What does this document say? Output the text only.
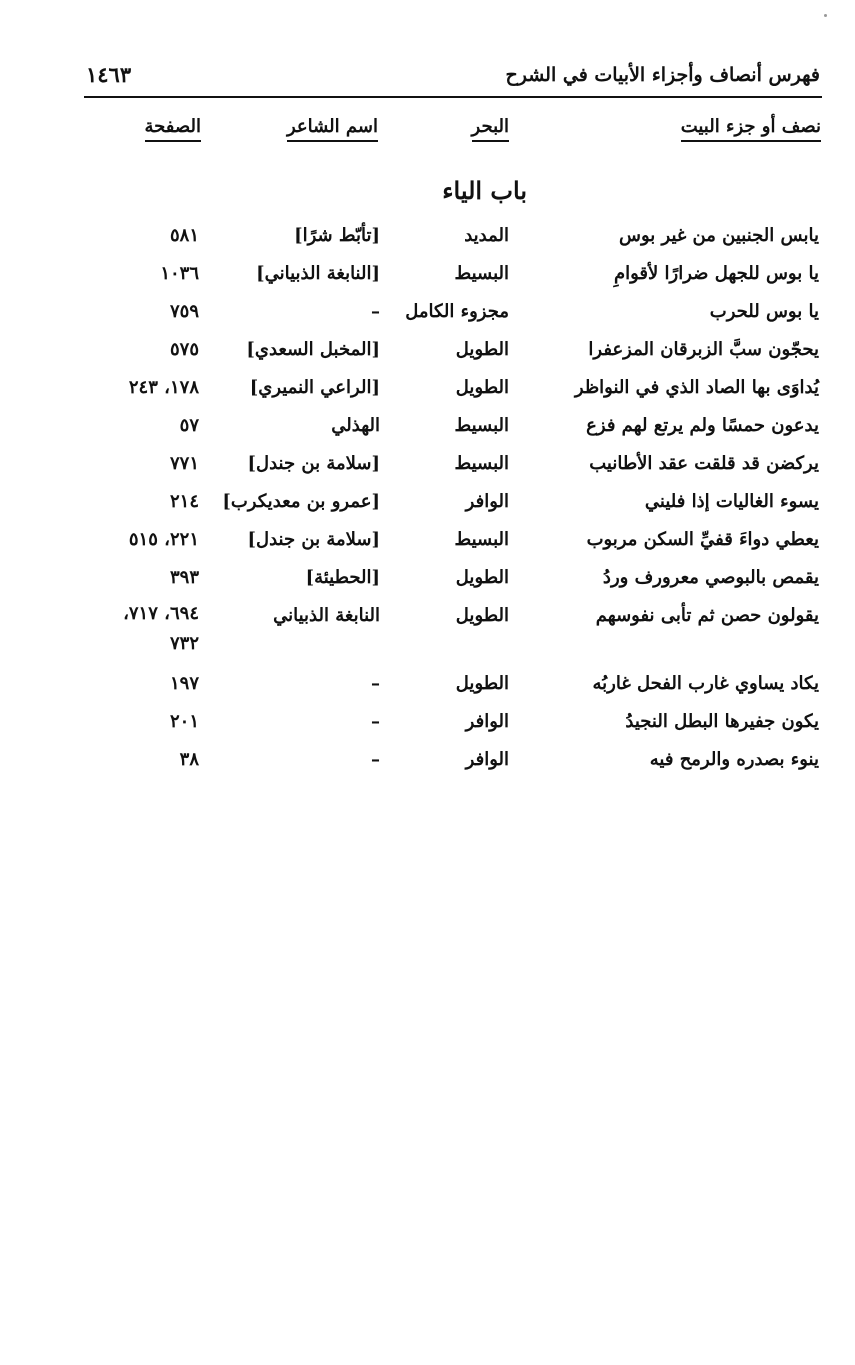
فهرس أنصاف وأجزاء الأبيات في الشرح
١٤٦٣
نصف أو جزء البيت
البحر
اسم الشاعر
الصفحة
باب الياء
يابس الجنبين من غير بوس
المديد
[تأبّط شرًا]
٥٨١
يا بوس للجهل ضرارًا لأقوامِ
البسيط
[النابغة الذبياني]
١٠٣٦
يا بوس للحرب
مجزوء الكامل
–
٧٥٩
يحجّون سبَّ الزبرقان المزعفرا
الطويل
[المخبل السعدي]
٥٧٥
يُداوَى بها الصاد الذي في النواظر
الطويل
[الراعي النميري]
١٧٨، ٢٤٣
يدعون حمسًا ولم يرتع لهم فزع
البسيط
الهذلي
٥٧
يركضن قد قلقت عقد الأطانيب
البسيط
[سلامة بن جندل]
٧٧١
يسوء الغاليات إذا فليني
الوافر
[عمرو بن معديكرب]
٢١٤
يعطي دواءَ قفيِّ السكن مربوب
البسيط
[سلامة بن جندل]
٢٢١، ٥١٥
يقمص بالبوصي معرورف وردُ
الطويل
[الحطيئة]
٣٩٣
يقولون حصن ثم تأبى نفوسهم
الطويل
النابغة الذبياني
٦٩٤، ٧١٧،
٧٣٢
يكاد يساوي غارب الفحل غاربُه
الطويل
–
١٩٧
يكون جفيرها البطل النجيدُ
الوافر
–
٢٠١
ينوء بصدره والرمح فيه
الوافر
–
٣٨
